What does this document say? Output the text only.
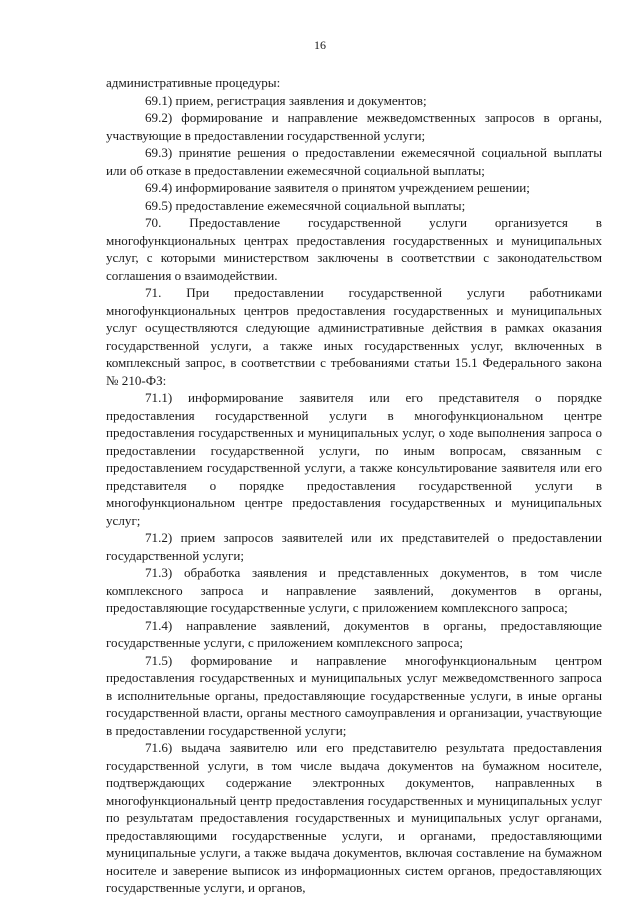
16

административные процедуры:

69.1) прием, регистрация заявления и документов;

69.2) формирование и направление межведомственных запросов в органы, участвующие в предоставлении государственной услуги;

69.3) принятие решения о предоставлении ежемесячной социальной выплаты или об отказе в предоставлении ежемесячной социальной выплаты;

69.4) информирование заявителя о принятом учреждением решении;

69.5) предоставление ежемесячной социальной выплаты;

70. Предоставление государственной услуги организуется в многофункциональных центрах предоставления государственных и муниципальных услуг, с которыми министерством заключены в соответствии с законодательством соглашения о взаимодействии.

71. При предоставлении государственной услуги работниками многофункциональных центров предоставления государственных и муниципальных услуг осуществляются следующие административные действия в рамках оказания государственной услуги, а также иных государственных услуг, включенных в комплексный запрос, в соответствии с требованиями статьи 15.1 Федерального закона № 210-ФЗ:

71.1) информирование заявителя или его представителя о порядке предоставления государственной услуги в многофункциональном центре предоставления государственных и муниципальных услуг, о ходе выполнения запроса о предоставлении государственной услуги, по иным вопросам, связанным с предоставлением государственной услуги, а также консультирование заявителя или его представителя о порядке предоставления государственной услуги в многофункциональном центре предоставления государственных и муниципальных услуг;

71.2) прием запросов заявителей или их представителей о предоставлении государственной услуги;

71.3) обработка заявления и представленных документов, в том числе комплексного запроса и направление заявлений, документов в органы, предоставляющие государственные услуги, с приложением комплексного запроса;

71.4) направление заявлений, документов в органы, предоставляющие государственные услуги, с приложением комплексного запроса;

71.5) формирование и направление многофункциональным центром предоставления государственных и муниципальных услуг межведомственного запроса в исполнительные органы, предоставляющие государственные услуги, в иные органы государственной власти, органы местного самоуправления и организации, участвующие в предоставлении государственной услуги;

71.6) выдача заявителю или его представителю результата предоставления государственной услуги, в том числе выдача документов на бумажном носителе, подтверждающих содержание электронных документов, направленных в многофункциональный центр предоставления государственных и муниципальных услуг по результатам предоставления государственных и муниципальных услуг органами, предоставляющими государственные услуги, и органами, предоставляющими муниципальные услуги, а также выдача документов, включая составление на бумажном носителе и заверение выписок из информационных систем органов, предоставляющих государственные услуги, и органов,
